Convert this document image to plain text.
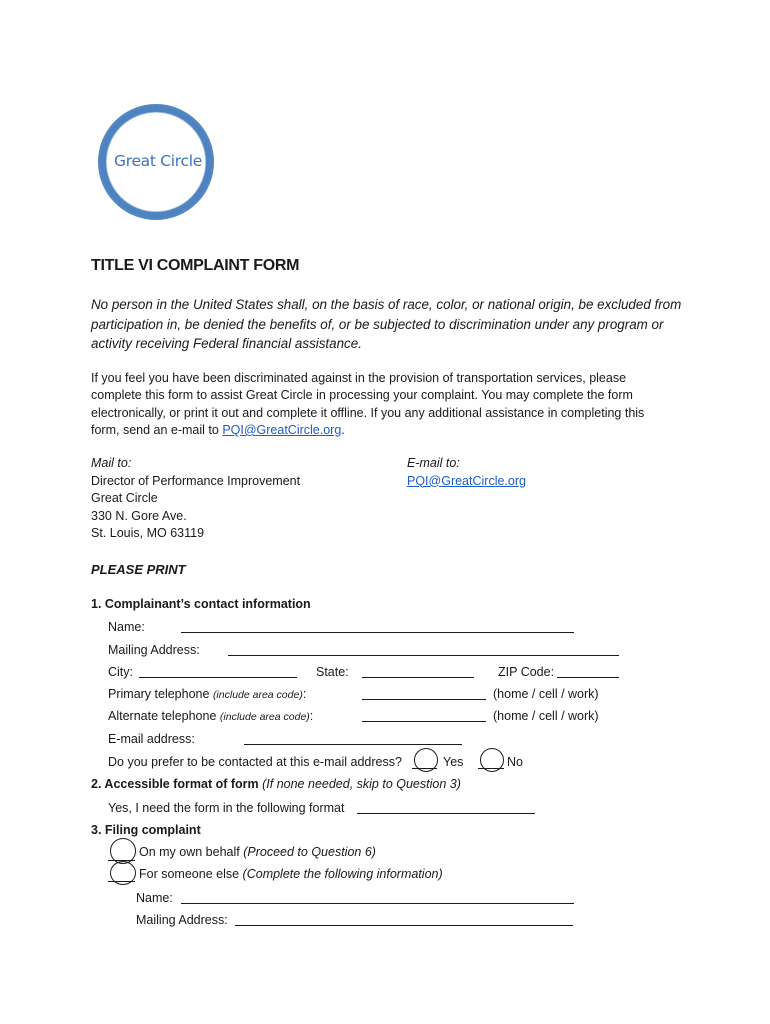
Great Circle
TITLE VI COMPLAINT FORM
No person in the United States shall, on the basis of race, color, or national origin, be excluded from participation in, be denied the benefits of, or be subjected to discrimination under any program or activity receiving Federal financial assistance.
If you feel you have been discriminated against in the provision of transportation services, please complete this form to assist Great Circle in processing your complaint. You may complete the form electronically, or print it out and complete it offline. If you any additional assistance in completing this form, send an e-mail to PQI@GreatCircle.org.
Mail to:
Director of Performance Improvement
Great Circle
330 N. Gore Ave.
St. Louis, MO 63119
E-mail to:
PQI@GreatCircle.org
PLEASE PRINT
1. Complainant’s contact information
Name:
Mailing Address:
City:	State:	ZIP Code:
Primary telephone (include area code):	(home / cell / work)
Alternate telephone (include area code):	(home / cell / work)
E-mail address:
Do you prefer to be contacted at this e-mail address?	Yes	No
2. Accessible format of form (If none needed, skip to Question 3)
Yes, I need the form in the following format
3. Filing complaint
On my own behalf (Proceed to Question 6)
For someone else (Complete the following information)
Name:
Mailing Address:
